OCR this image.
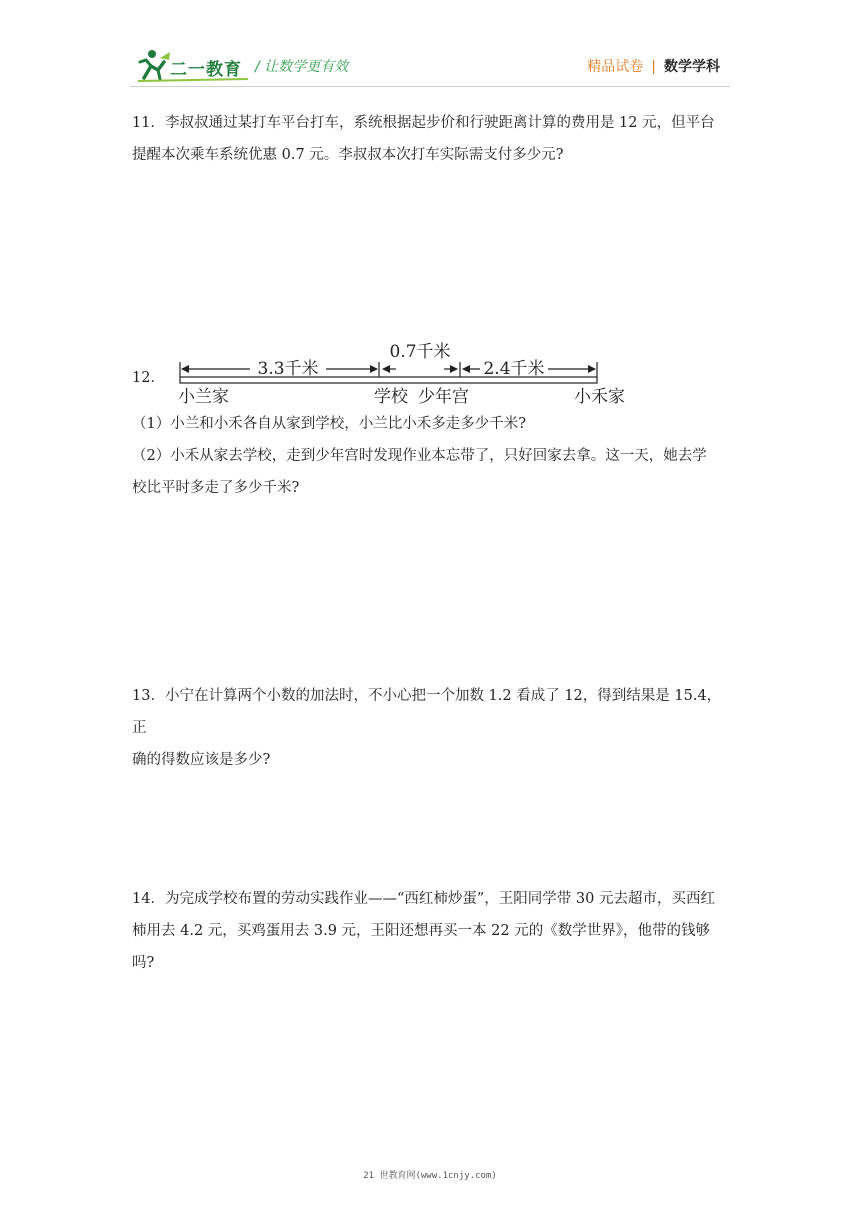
二一教育 / 让数学更有效	精品试卷 | 数学学科

11．李叔叔通过某打车平台打车，系统根据起步价和行驶距离计算的费用是 12 元，但平台

提醒本次乘车系统优惠 0.7 元。李叔叔本次打车实际需支付多少元?

12．	3.3千米
0.7千米
2.4千米
小兰家	学校 少年宫	小禾家

（1）小兰和小禾各自从家到学校，小兰比小禾多走多少千米?

（2）小禾从家去学校，走到少年宫时发现作业本忘带了，只好回家去拿。这一天，她去学

校比平时多走了多少千米?

13．小宁在计算两个小数的加法时，不小心把一个加数 1.2 看成了 12，得到结果是 15.4，正

确的得数应该是多少?

14．为完成学校布置的劳动实践作业——“西红柿炒蛋”，王阳同学带 30 元去超市，买西红

柿用去 4.2 元，买鸡蛋用去 3.9 元，王阳还想再买一本 22 元的《数学世界》，他带的钱够吗?

21 世教育网(www.1cnjy.com)
